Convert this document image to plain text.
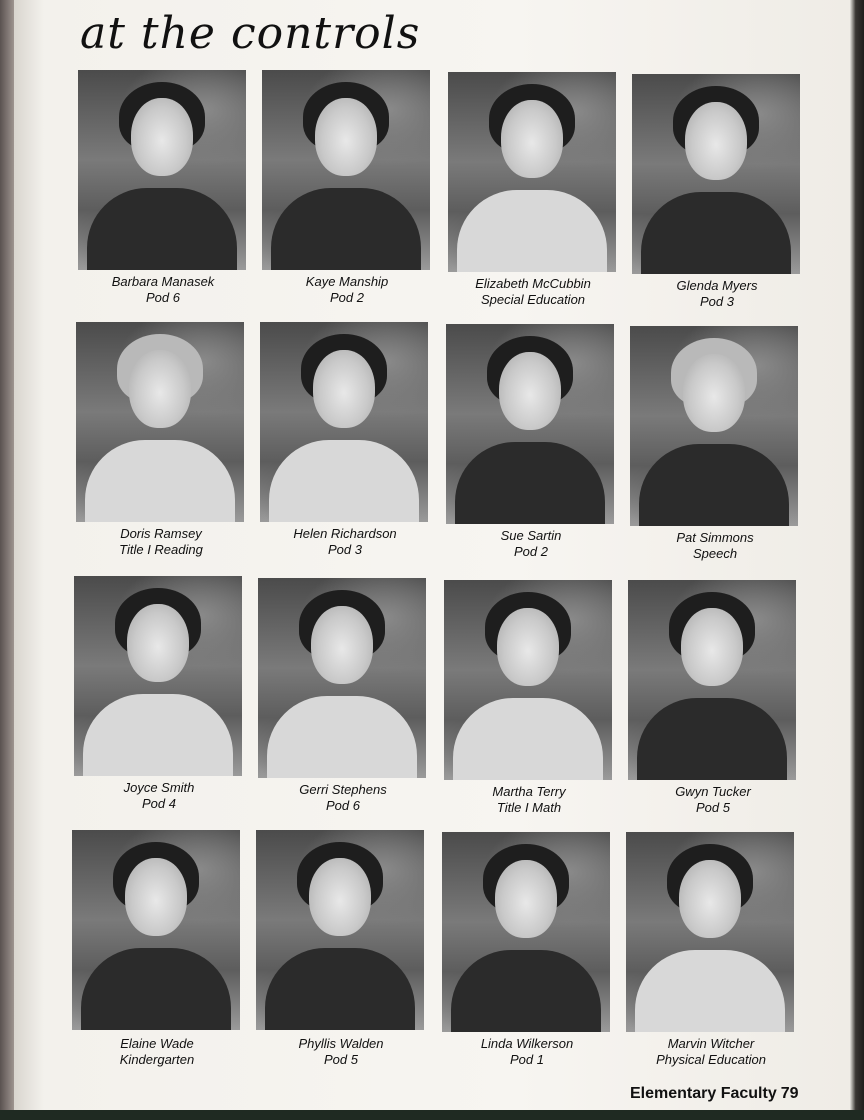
at the controls
Barbara Manasek
Pod 6
Kaye Manship
Pod 2
Elizabeth McCubbin
Special Education
Glenda Myers
Pod 3
Doris Ramsey
Title I Reading
Helen Richardson
Pod 3
Sue Sartin
Pod 2
Pat Simmons
Speech
Joyce Smith
Pod 4
Gerri Stephens
Pod 6
Martha Terry
Title I Math
Gwyn Tucker
Pod 5
Elaine Wade
Kindergarten
Phyllis Walden
Pod 5
Linda Wilkerson
Pod 1
Marvin Witcher
Physical Education
Elementary Faculty 79
